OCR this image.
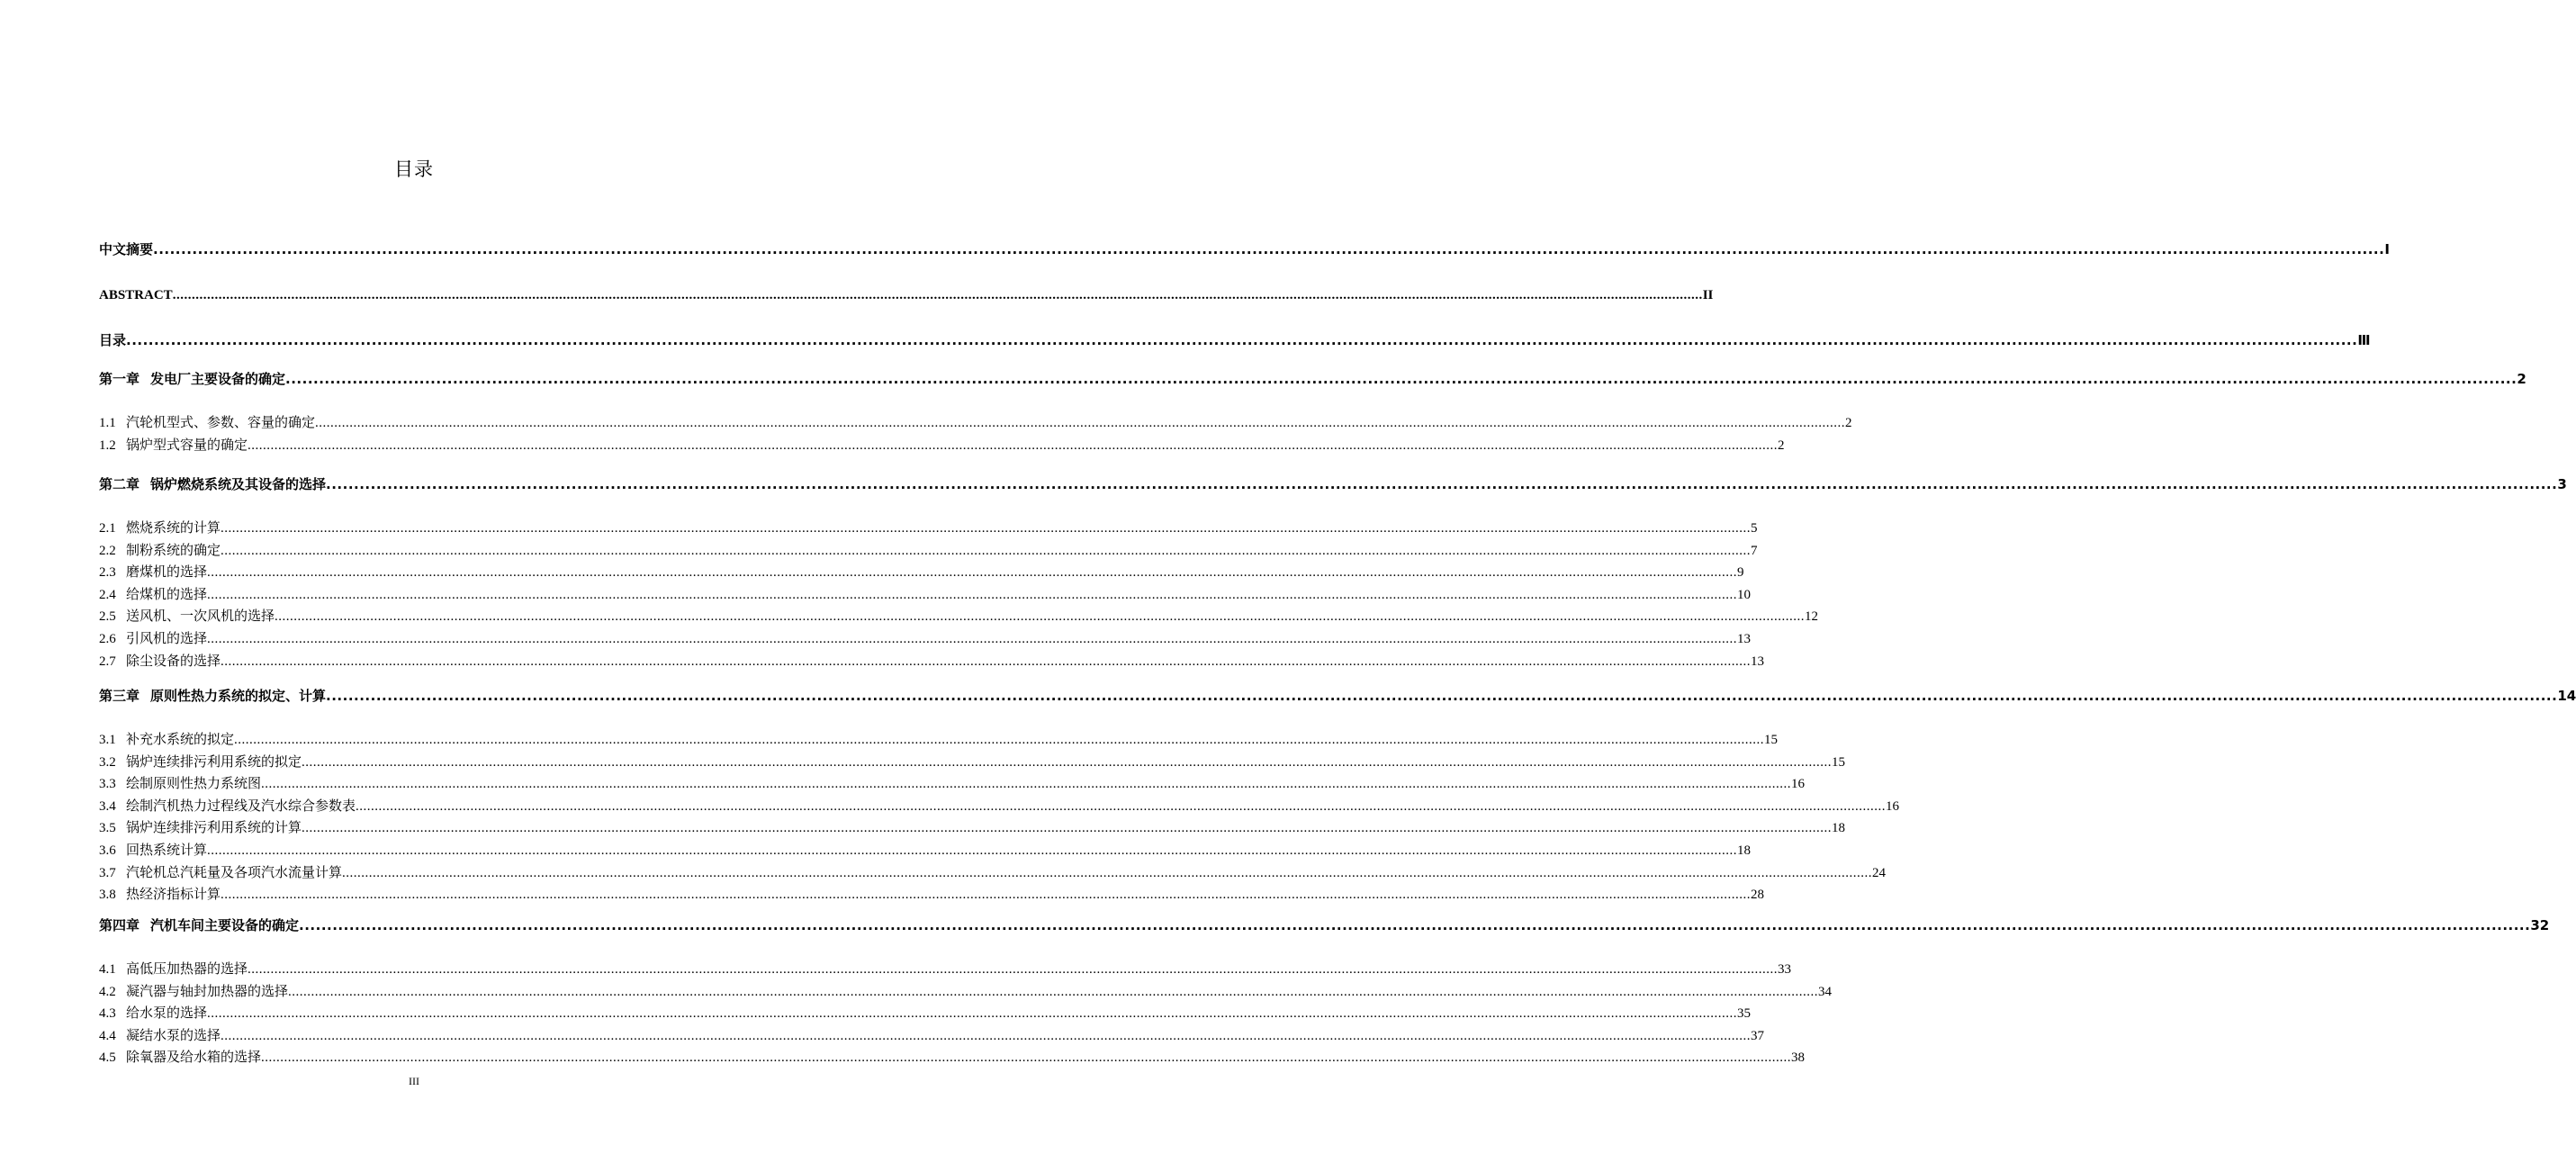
目录
中文摘要 ................................................................................................................................................................................................................................................................................................................................................................................................................ I
ABSTRACT ................................................................................................................................................................................................................................................................................................................................................................................................................ II
目录 ................................................................................................................................................................................................................................................................................................................................................................................................................ Ⅲ
第一章 发电厂主要设备的确定 ................................................................................................................................................................................................................................................................................................................................................................................................................ 2
1.1 汽轮机型式、参数、容量的确定 ................................................................................................................................................................................................................................................................................................................................................................................................................ 2
1.2 锅炉型式容量的确定 ................................................................................................................................................................................................................................................................................................................................................................................................................ 2
第二章 锅炉燃烧系统及其设备的选择 ................................................................................................................................................................................................................................................................................................................................................................................................................ 3
2.1 燃烧系统的计算 ................................................................................................................................................................................................................................................................................................................................................................................................................ 5
2.2 制粉系统的确定 ................................................................................................................................................................................................................................................................................................................................................................................................................ 7
2.3 磨煤机的选择 ................................................................................................................................................................................................................................................................................................................................................................................................................ 9
2.4 给煤机的选择 ................................................................................................................................................................................................................................................................................................................................................................................................................ 10
2.5 送风机、一次风机的选择 ................................................................................................................................................................................................................................................................................................................................................................................................................ 12
2.6 引风机的选择 ................................................................................................................................................................................................................................................................................................................................................................................................................ 13
2.7 除尘设备的选择 ................................................................................................................................................................................................................................................................................................................................................................................................................ 13
第三章 原则性热力系统的拟定、计算 ................................................................................................................................................................................................................................................................................................................................................................................................................ 14
3.1 补充水系统的拟定 ................................................................................................................................................................................................................................................................................................................................................................................................................ 15
3.2 锅炉连续排污利用系统的拟定 ................................................................................................................................................................................................................................................................................................................................................................................................................ 15
3.3 绘制原则性热力系统图 ................................................................................................................................................................................................................................................................................................................................................................................................................ 16
3.4 绘制汽机热力过程线及汽水综合参数表 ................................................................................................................................................................................................................................................................................................................................................................................................................ 16
3.5 锅炉连续排污利用系统的计算 ................................................................................................................................................................................................................................................................................................................................................................................................................ 18
3.6 回热系统计算 ................................................................................................................................................................................................................................................................................................................................................................................................................ 18
3.7 汽轮机总汽耗量及各项汽水流量计算 ................................................................................................................................................................................................................................................................................................................................................................................................................ 24
3.8 热经济指标计算 ................................................................................................................................................................................................................................................................................................................................................................................................................ 28
第四章 汽机车间主要设备的确定 ................................................................................................................................................................................................................................................................................................................................................................................................................ 32
4.1 高低压加热器的选择 ................................................................................................................................................................................................................................................................................................................................................................................................................ 33
4.2 凝汽器与轴封加热器的选择 ................................................................................................................................................................................................................................................................................................................................................................................................................ 34
4.3 给水泵的选择 ................................................................................................................................................................................................................................................................................................................................................................................................................ 35
4.4 凝结水泵的选择 ................................................................................................................................................................................................................................................................................................................................................................................................................ 37
4.5 除氧器及给水箱的选择 ................................................................................................................................................................................................................................................................................................................................................................................................................ 38
III
